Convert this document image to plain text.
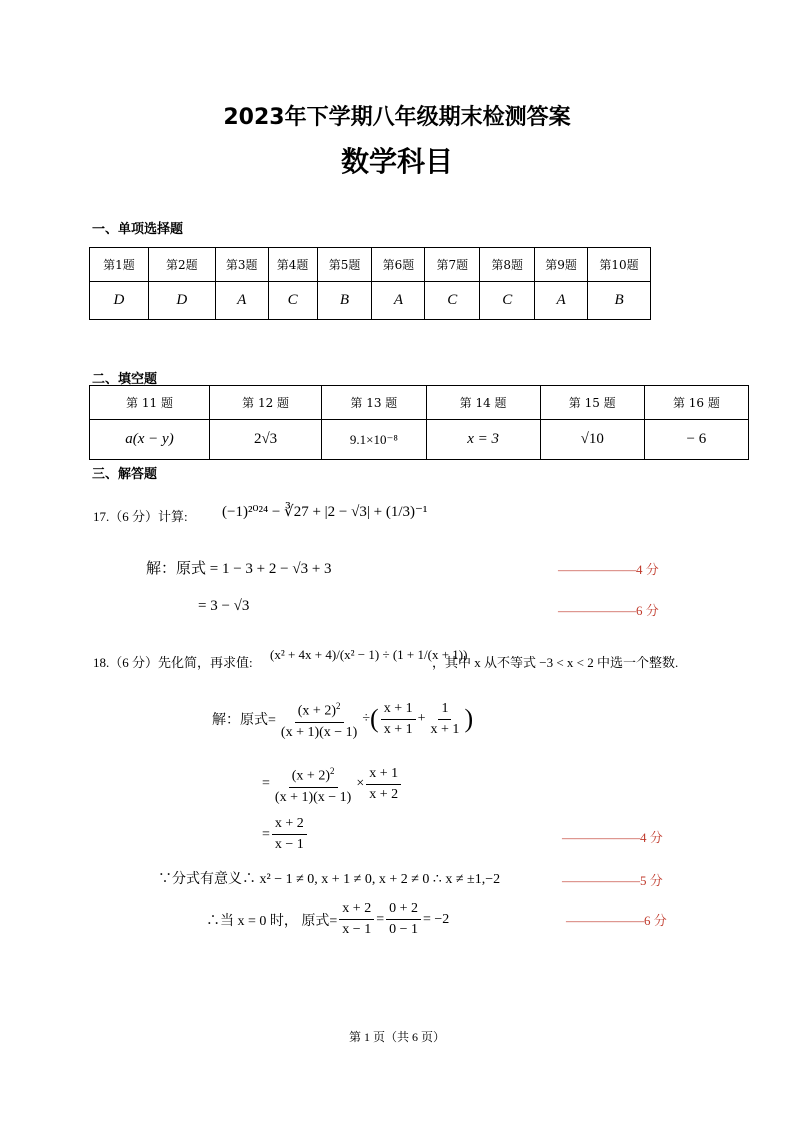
2023年下学期八年级期末检测答案
数学科目
一、单项选择题
第1题	第2题	第3题	第4题	第5题	第6题	第7题	第8题	第9题	第10题
D	D	A	C	B	A	C	C	A	B
二、填空题
第 11 题	第 12 题	第 13 题	第 14 题	第 15 题	第 16 题
a(x − y)	2√3	9.1×10⁻⁸	x = 3	√10	− 6
三、解答题
17.（6 分）计算: (−1)²⁰²⁴ − ∛27 + |2 − √3| + (1/3)⁻¹
解：原式 = 1 − 3 + 2 − √3 + 3	——————4 分
= 3 − √3	——————6 分
18.（6 分）先化简，再求值:
(x² + 4x + 4)/(x² − 1) ÷ (1 + 1/(x + 1))
，其中 x 从不等式 −3 < x < 2 中选一个整数.
解：原式= $\frac{(x + 2)^2}{(x + 1)(x - 1)}$ ÷ ( $\frac{x + 1}{x + 1} + \frac{1}{x + 1}$ )
= $\frac{(x + 2)^2}{(x + 1)(x - 1)} \times \frac{x + 1}{x + 2}$
= $\frac{x + 2}{x - 1}$	——————4 分
∵分式有意义∴ x² − 1 ≠ 0, x + 1 ≠ 0, x + 2 ≠ 0 ∴ x ≠ ±1,−2	——————5 分
∴当 x = 0 时， 原式= $\frac{x + 2}{x - 1} = \frac{0 + 2}{0 - 1} = -2$	——————6 分
第 1 页（共 6 页）
